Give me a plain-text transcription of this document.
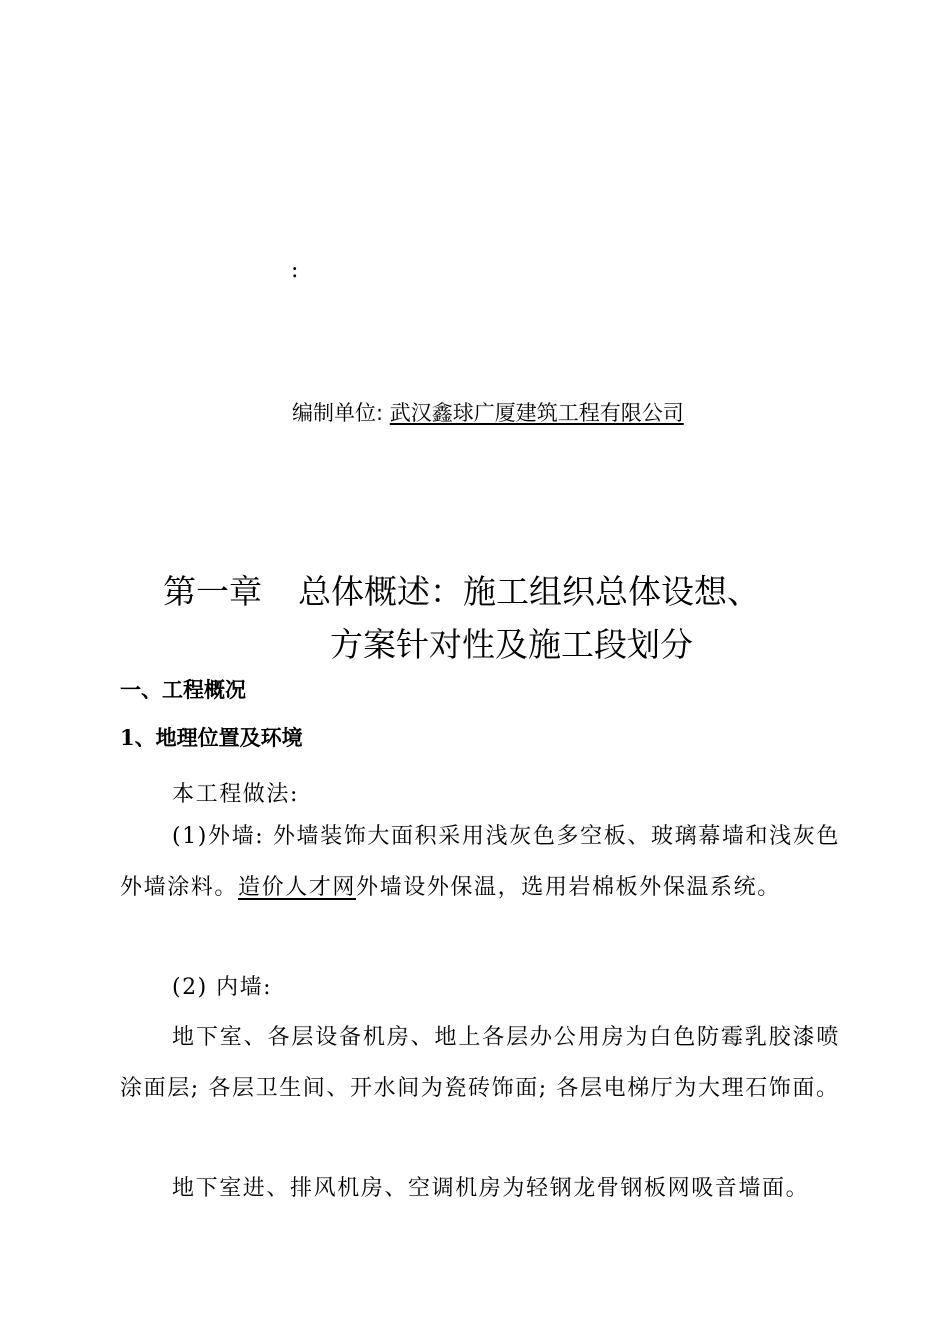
:
编制单位: 武汉鑫球广厦建筑工程有限公司
第一章 总体概述：施工组织总体设想、
方案针对性及施工段划分
一、工程概况
1、地理位置及环境

本工程做法:

(1)外墙: 外墙装饰大面积采用浅灰色多空板、玻璃幕墙和浅灰色外墙涂料。造价人才网外墙设外保温，选用岩棉板外保温系统。

(2) 内墙:

地下室、各层设备机房、地上各层办公用房为白色防霉乳胶漆喷涂面层; 各层卫生间、开水间为瓷砖饰面; 各层电梯厅为大理石饰面。

地下室进、排风机房、空调机房为轻钢龙骨钢板网吸音墙面。
